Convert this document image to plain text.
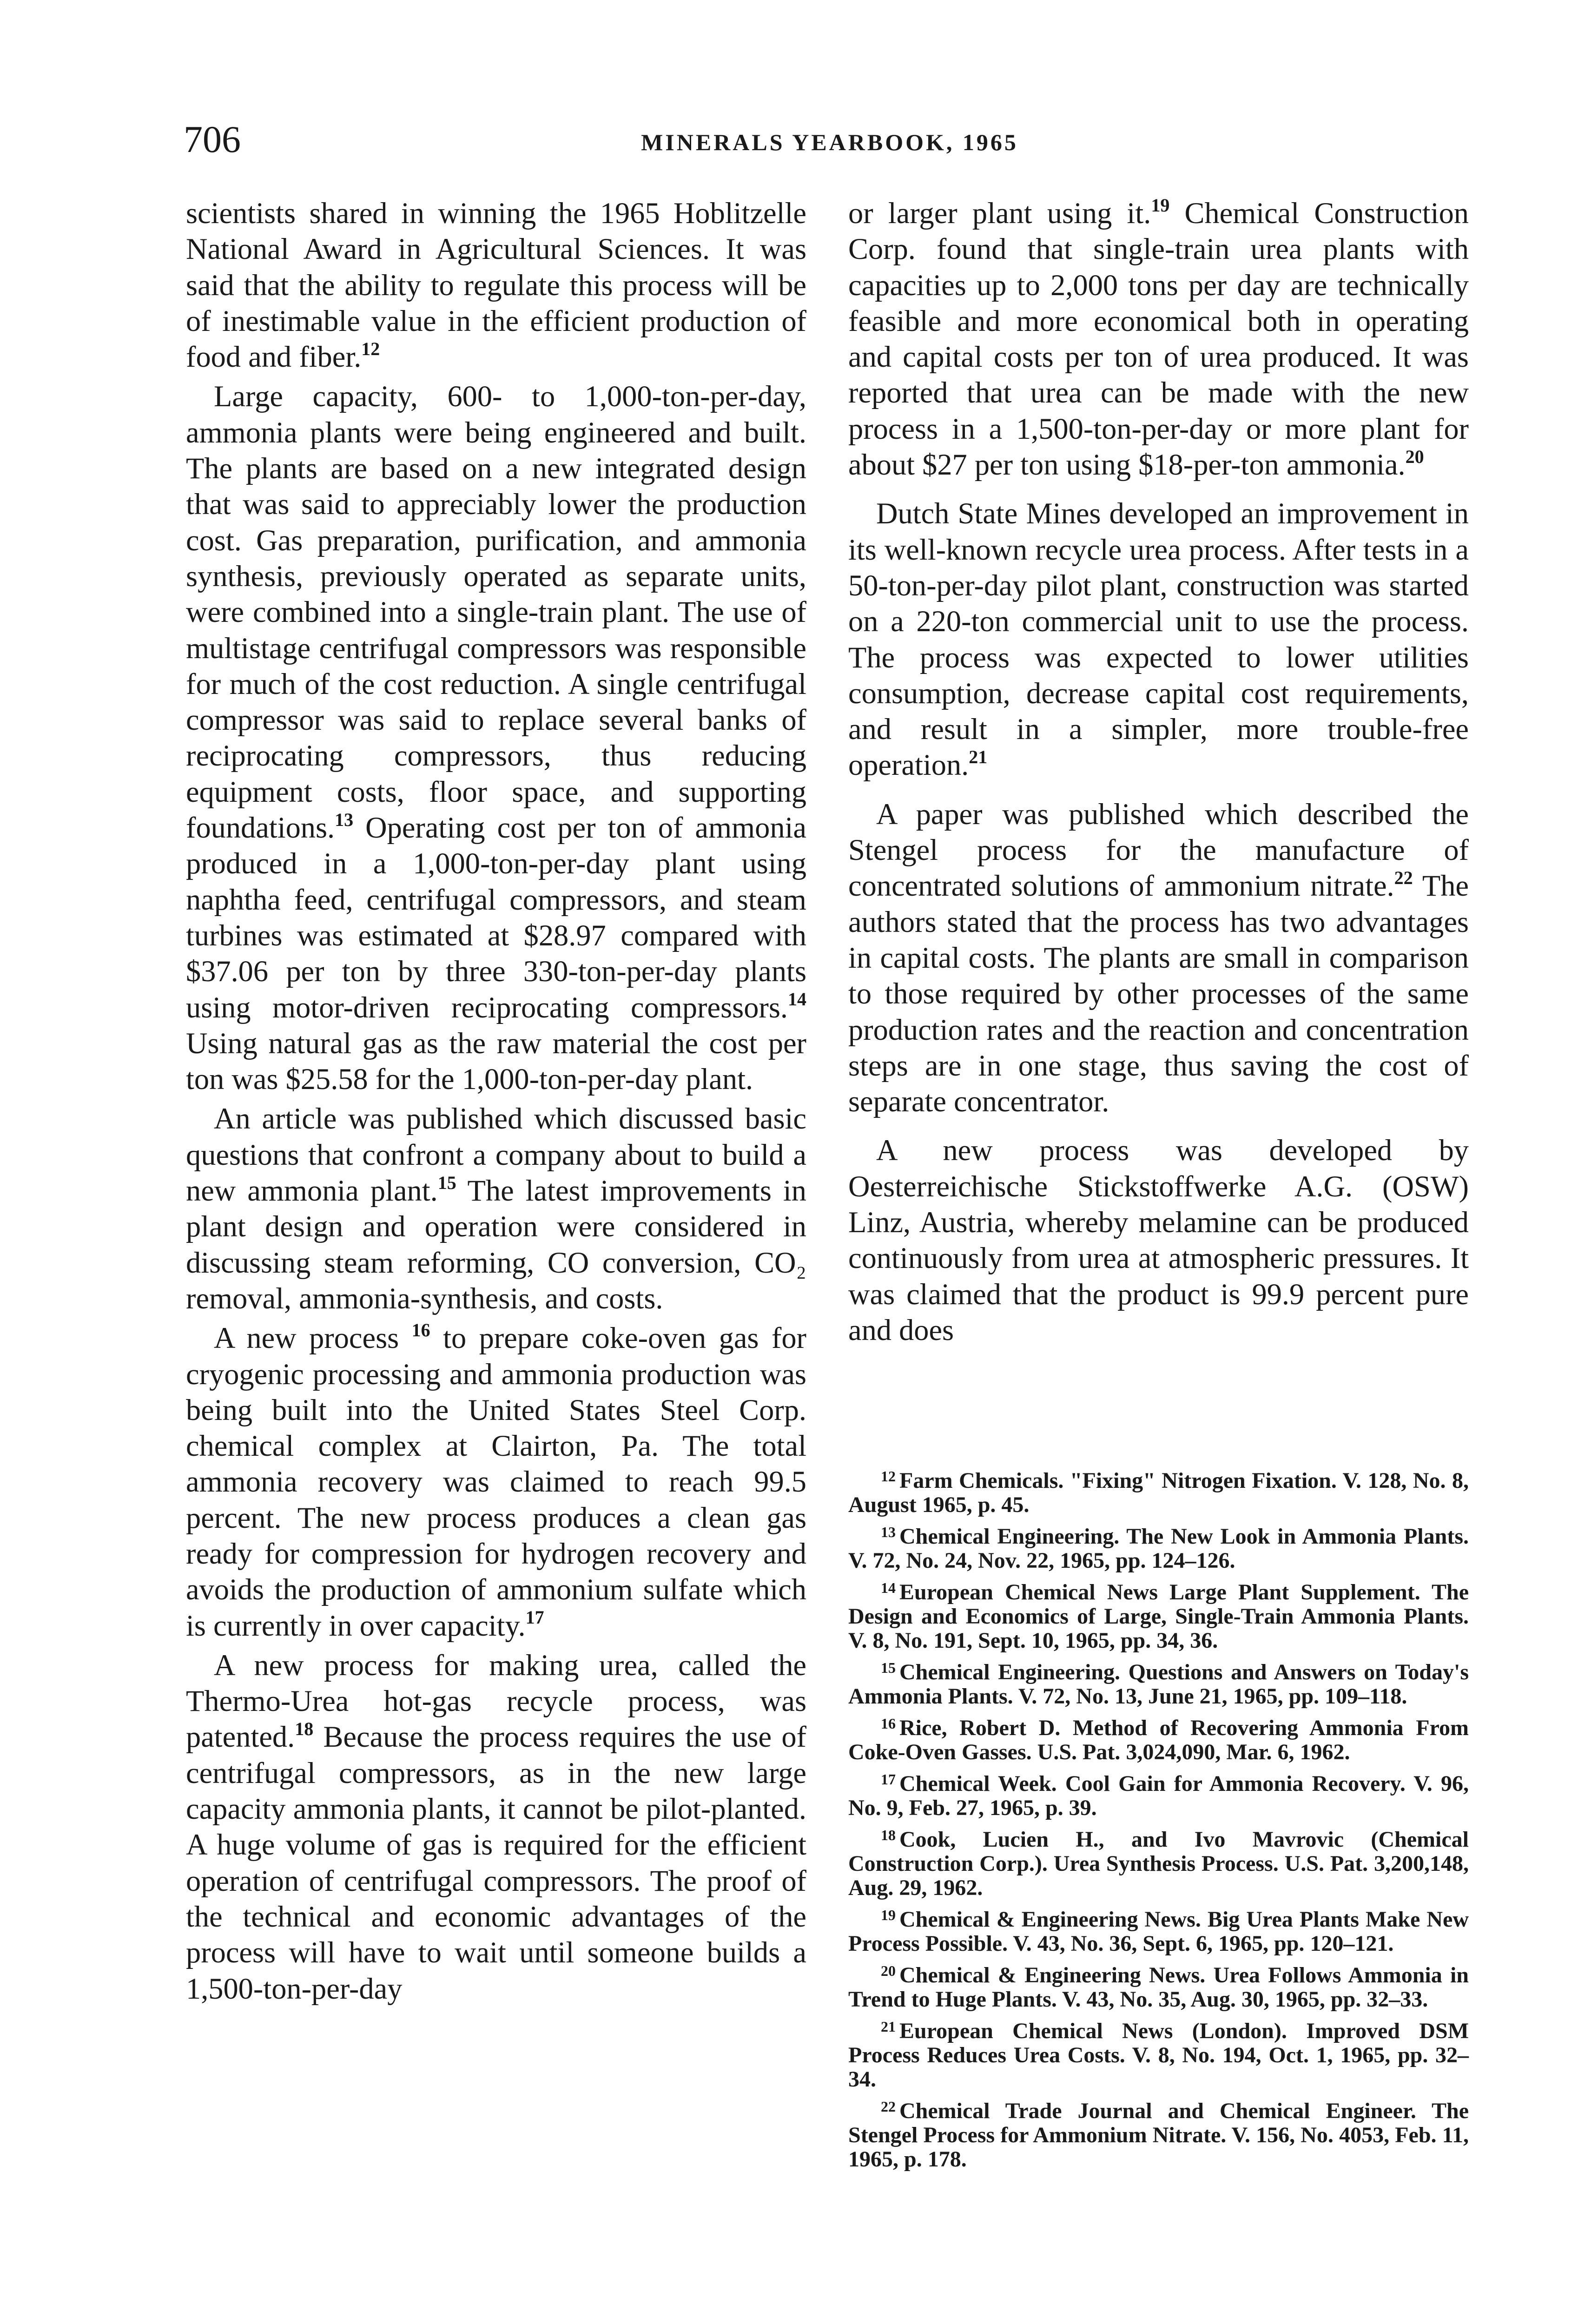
706	MINERALS YEARBOOK, 1965

scientists shared in winning the 1965 Hoblitzelle National Award in Agricultural Sciences. It was said that the ability to regulate this process will be of inestimable value in the efficient production of food and fiber.$^{12}$

Large capacity, 600- to 1,000-ton-per-day, ammonia plants were being engineered and built. The plants are based on a new integrated design that was said to appreciably lower the production cost. Gas preparation, purification, and ammonia synthesis, previously operated as separate units, were combined into a single-train plant. The use of multistage centrifugal compressors was responsible for much of the cost reduction. A single centrifugal compressor was said to replace several banks of reciprocating compressors, thus reducing equipment costs, floor space, and supporting foundations.$^{13}$ Operating cost per ton of ammonia produced in a 1,000-ton-per-day plant using naphtha feed, centrifugal compressors, and steam turbines was estimated at $28.97 compared with $37.06 per ton by three 330-ton-per-day plants using motor-driven reciprocating compressors.$^{14}$ Using natural gas as the raw material the cost per ton was $25.58 for the 1,000-ton-per-day plant.

An article was published which discussed basic questions that confront a company about to build a new ammonia plant.$^{15}$ The latest improvements in plant design and operation were considered in discussing steam reforming, CO conversion, CO₂ removal, ammonia-synthesis, and costs.

A new process $^{16}$ to prepare coke-oven gas for cryogenic processing and ammonia production was being built into the United States Steel Corp. chemical complex at Clairton, Pa. The total ammonia recovery was claimed to reach 99.5 percent. The new process produces a clean gas ready for compression for hydrogen recovery and avoids the production of ammonium sulfate which is currently in over capacity.$^{17}$

A new process for making urea, called the Thermo-Urea hot-gas recycle process, was patented.$^{18}$ Because the process requires the use of centrifugal compressors, as in the new large capacity ammonia plants, it cannot be pilot-planted. A huge volume of gas is required for the efficient operation of centrifugal compressors. The proof of the technical and economic advantages of the process will have to wait until someone builds a 1,500-ton-per-day

or larger plant using it.$^{19}$ Chemical Construction Corp. found that single-train urea plants with capacities up to 2,000 tons per day are technically feasible and more economical both in operating and capital costs per ton of urea produced. It was reported that urea can be made with the new process in a 1,500-ton-per-day or more plant for about $27 per ton using $18-per-ton ammonia.$^{20}$

Dutch State Mines developed an improvement in its well-known recycle urea process. After tests in a 50-ton-per-day pilot plant, construction was started on a 220-ton commercial unit to use the process. The process was expected to lower utilities consumption, decrease capital cost requirements, and result in a simpler, more trouble-free operation.$^{21}$

A paper was published which described the Stengel process for the manufacture of concentrated solutions of ammonium nitrate.$^{22}$ The authors stated that the process has two advantages in capital costs. The plants are small in comparison to those required by other processes of the same production rates and the reaction and concentration steps are in one stage, thus saving the cost of separate concentrator.

A new process was developed by Oesterreichische Stickstoffwerke A.G. (OSW) Linz, Austria, whereby melamine can be produced continuously from urea at atmospheric pressures. It was claimed that the product is 99.9 percent pure and does

$^{12}$ Farm Chemicals. "Fixing" Nitrogen Fixation. V. 128, No. 8, August 1965, p. 45.

$^{13}$ Chemical Engineering. The New Look in Ammonia Plants. V. 72, No. 24, Nov. 22, 1965, pp. 124–126.

$^{14}$ European Chemical News Large Plant Supplement. The Design and Economics of Large, Single-Train Ammonia Plants. V. 8, No. 191, Sept. 10, 1965, pp. 34, 36.

$^{15}$ Chemical Engineering. Questions and Answers on Today's Ammonia Plants. V. 72, No. 13, June 21, 1965, pp. 109–118.

$^{16}$ Rice, Robert D. Method of Recovering Ammonia From Coke-Oven Gasses. U.S. Pat. 3,024,090, Mar. 6, 1962.

$^{17}$ Chemical Week. Cool Gain for Ammonia Recovery. V. 96, No. 9, Feb. 27, 1965, p. 39.

$^{18}$ Cook, Lucien H., and Ivo Mavrovic (Chemical Construction Corp.). Urea Synthesis Process. U.S. Pat. 3,200,148, Aug. 29, 1962.

$^{19}$ Chemical & Engineering News. Big Urea Plants Make New Process Possible. V. 43, No. 36, Sept. 6, 1965, pp. 120–121.

$^{20}$ Chemical & Engineering News. Urea Follows Ammonia in Trend to Huge Plants. V. 43, No. 35, Aug. 30, 1965, pp. 32–33.

$^{21}$ European Chemical News (London). Improved DSM Process Reduces Urea Costs. V. 8, No. 194, Oct. 1, 1965, pp. 32–34.

$^{22}$ Chemical Trade Journal and Chemical Engineer. The Stengel Process for Ammonium Nitrate. V. 156, No. 4053, Feb. 11, 1965, p. 178.
